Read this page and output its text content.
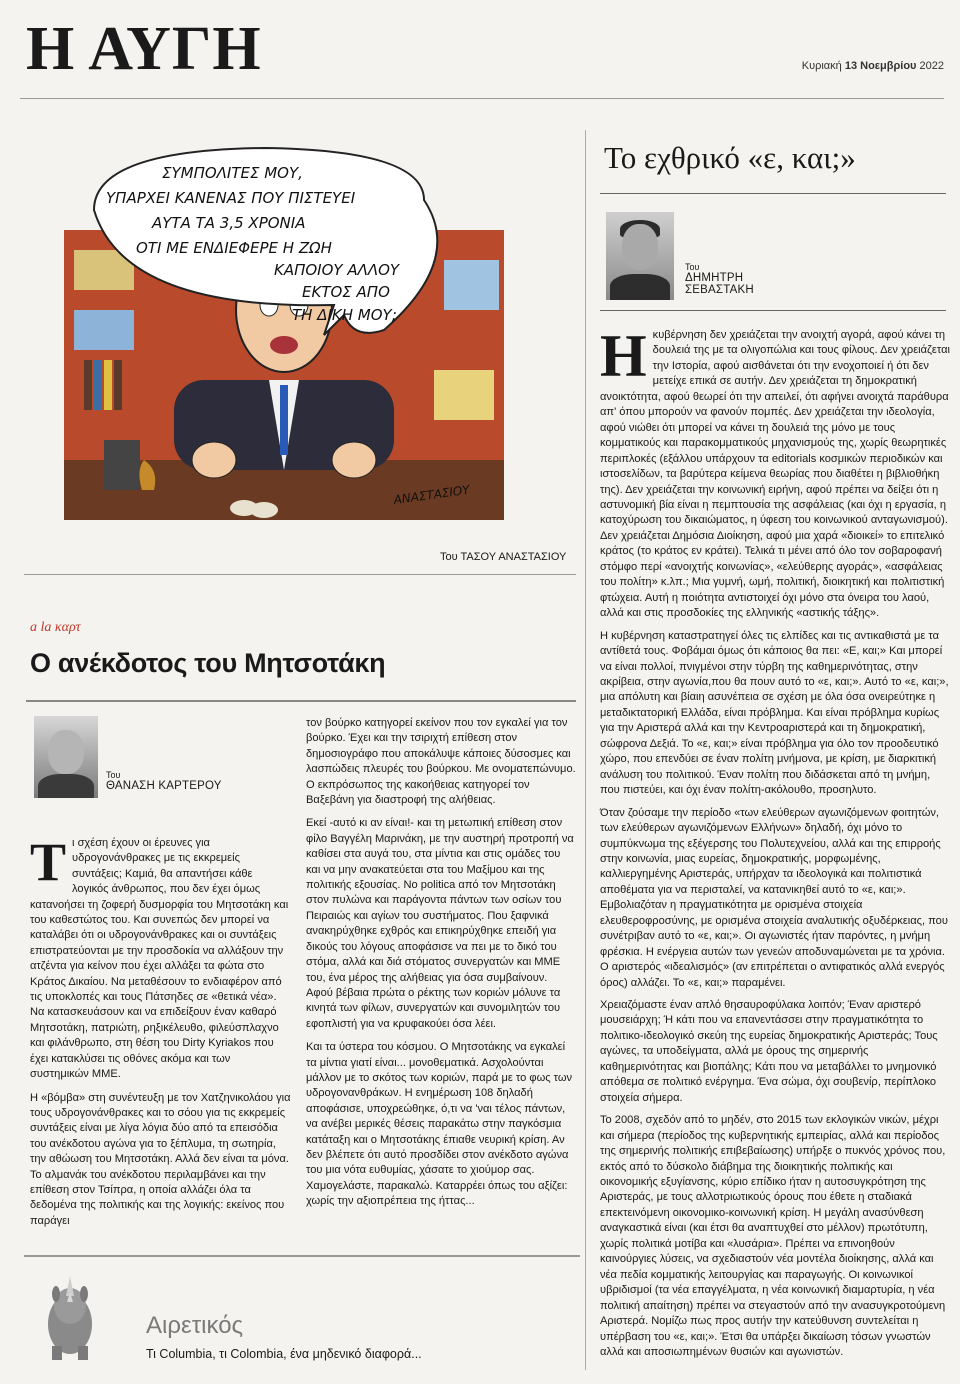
Η ΑΥΓΗ	Κυριακή 13 Νοεμβρίου 2022
ΣΥΜΠΟΛΙΤΕΣ ΜΟΥ,
ΥΠΑΡΧΕΙ ΚΑΝΕΝΑΣ ΠΟΥ ΠΙΣΤΕΥΕΙ
ΑΥΤΑ ΤΑ 3,5 ΧΡΟΝΙΑ
ΟΤΙ ΜΕ ΕΝΔΙΕΦΕΡΕ Η ΖΩΗ
ΚΑΠΟΙΟΥ ΑΛΛΟΥ
ΕΚΤΟΣ ΑΠΟ
ΤΗ ΔΙΚΗ ΜΟΥ;
ΑΝΑΣΤΑΣΙΟΥ
Του ΤΑΣΟΥ ΑΝΑΣΤΑΣΙΟΥ
a la καρτ
Ο ανέκδοτος του Μητσοτάκη
Του
ΘΑΝΑΣΗ ΚΑΡΤΕΡΟΥ

Τι σχέση έχουν οι έρευνες για υδρογονάνθρακες με τις εκκρεμείς συντάξεις; Καμιά, θα απαντήσει κάθε λογικός άνθρωπος, που δεν έχει όμως κατανοήσει τη ζοφερή δυσμορφία του Μητσοτάκη και του καθεστώτος του. Και συνεπώς δεν μπορεί να καταλάβει ότι οι υδρογονάνθρακες και οι συντάξεις επιστρατεύονται με την προσδοκία να αλλάξουν την ατζέντα για κείνον που έχει αλλάξει τα φώτα στο Κράτος Δικαίου. Να μεταθέσουν το ενδιαφέρον από τις υποκλοπές και τους Πάτσηδες σε «θετικά νέα». Να κατασκευάσουν και να επιδείξουν έναν καθαρό Μητσοτάκη, πατριώτη, ρηξικέλευθο, φιλεύσπλαχνο και φιλάνθρωπο, στη θέση του Dirty Kyriakos που έχει κατακλύσει τις οθόνες ακόμα και των συστημικών ΜΜΕ.

Η «βόμβα» στη συνέντευξη με τον Χατζηνικολάου για τους υδρογονάνθρακες και το σόου για τις εκκρεμείς συντάξεις είναι με λίγα λόγια δύο από τα επεισόδια του ανέκδοτου αγώνα για το ξέπλυμα, τη σωτηρία, την αθώωση του Μητσοτάκη. Αλλά δεν είναι τα μόνα. Το αλμανάκ του ανέκδοτου περιλαμβάνει και την επίθεση στον Τσίπρα, η οποία αλλάζει όλα τα δεδομένα της πολιτικής και της λογικής: εκείνος που παράγει

τον βούρκο κατηγορεί εκείνον που τον εγκαλεί για τον βούρκο. Έχει και την τσιριχτή επίθεση στον δημοσιογράφο που αποκάλυψε κάποιες δύσοσμες και λασπώδεις πλευρές του βούρκου. Με ονοματεπώνυμο. Ο εκπρόσωπος της κακοήθειας κατηγορεί τον Βαξεβάνη για διαστροφή της αλήθειας.

Εκεί -αυτό κι αν είναι!- και τη μετωπική επίθεση στον φίλο Βαγγέλη Μαρινάκη, με την αυστηρή προτροπή να καθίσει στα αυγά του, στα μίντια και στις ομάδες του και να μην ανακατεύεται στα του Μαξίμου και της πολιτικής εξουσίας. No politica από τον Μητσοτάκη στον πυλώνα και παράγοντα πάντων των οσίων του Πειραιώς και αγίων του συστήματος. Που ξαφνικά ανακηρύχθηκε εχθρός και επικηρύχθηκε επειδή για δικούς του λόγους αποφάσισε να πει με το δικό του στόμα, αλλά και διά στόματος συνεργατών και ΜΜΕ του, ένα μέρος της αλήθειας για όσα συμβαίνουν. Αφού βέβαια πρώτα ο ρέκτης των κοριών μόλυνε τα κινητά των φίλων, συνεργατών και συνομιλητών του εφοπλιστή για να κρυφακούει όσα λέει.

Και τα ύστερα του κόσμου. Ο Μητσοτάκης να εγκαλεί τα μίντια γιατί είναι... μονοθεματικά. Ασχολούνται μάλλον με το σκότος των κοριών, παρά με το φως των υδρογονανθράκων. Η ενημέρωση 108 δηλαδή αποφάσισε, υποχρεώθηκε, ό,τι να 'ναι τέλος πάντων, να ανέβει μερικές θέσεις παρακάτω στην παγκόσμια κατάταξη και ο Μητσοτάκης έπιαθε νευρική κρίση. Αν δεν βλέπετε ότι αυτό προσδίδει στον ανέκδοτο αγώνα του μια νότα ευθυμίας, χάσατε το χιούμορ σας. Χαμογελάστε, παρακαλώ. Καταρρέει όπως του αξίζει: χωρίς την αξιοπρέπεια της ήττας...

Αιρετικός
Τι Columbia, τι Colombia, ένα μηδενικό διαφορά...
Το εχθρικό «ε, και;»
Του
ΔΗΜΗΤΡΗ
ΣΕΒΑΣΤΑΚΗ

Η κυβέρνηση δεν χρειάζεται την ανοιχτή αγορά, αφού κάνει τη δουλειά της με τα ολιγοπώλια και τους φίλους. Δεν χρειάζεται την Ιστορία, αφού αισθάνεται ότι την ενοχοποιεί ή ότι δεν μετείχε επικά σε αυτήν. Δεν χρειάζεται τη δημοκρατική ανοικτότητα, αφού θεωρεί ότι την απειλεί, ότι αφήνει ανοιχτά παράθυρα απ' όπου μπορούν να φανούν πομπές. Δεν χρειάζεται την ιδεολογία, αφού νιώθει ότι μπορεί να κάνει τη δουλειά της μόνο με τους κομματικούς και παρακομματικούς μηχανισμούς της, χωρίς θεωρητικές περιπλοκές (εξάλλου υπάρχουν τα editorials κοσμικών περιοδικών και ιστοσελίδων, τα βαρύτερα κείμενα θεωρίας που διαθέτει η βιβλιοθήκη της). Δεν χρειάζεται την κοινωνική ειρήνη, αφού πρέπει να δείξει ότι η αστυνομική βία είναι η πεμπτουσία της ασφάλειας (και όχι η εργασία, η κατοχύρωση του δικαιώματος, η ύφεση του κοινωνικού ανταγωνισμού). Δεν χρειάζεται Δημόσια Διοίκηση, αφού μια χαρά «διοικεί» το επιτελικό κράτος (το κράτος εν κράτει). Τελικά τι μένει από όλο τον σοβαροφανή στόμφο περί «ανοιχτής κοινωνίας», «ελεύθερης αγοράς», «ασφάλειας του πολίτη» κ.λπ.; Μια γυμνή, ωμή, πολιτική, διοικητική και πολιτιστική φτώχεια. Αυτή η ποιότητα αντιστοιχεί όχι μόνο στα όνειρα του λαού, αλλά και στις προσδοκίες της ελληνικής «αστικής τάξης».

Η κυβέρνηση καταστρατηγεί όλες τις ελπίδες και τις αντικαθιστά με τα αντίθετά τους. Φοβάμαι όμως ότι κάποιος θα πει: «Ε, και;» Και μπορεί να είναι πολλοί, πνιγμένοι στην τύρβη της καθημερινότητας, στην ακρίβεια, στην αγωνία,που θα πουν αυτό το «ε, και;». Αυτό το «ε, και;», μια απόλυτη και βίαιη ασυνέπεια σε σχέση με όλα όσα ονειρεύτηκε η μεταδικτατορική Ελλάδα, είναι πρόβλημα. Και είναι πρόβλημα κυρίως για την Αριστερά αλλά και την Κεντροαριστερά και τη δημοκρατική, σώφρονα Δεξιά. Το «ε, και;» είναι πρόβλημα για όλο τον προοδευτικό χώρο, που επενδύει σε έναν πολίτη μνήμονα, με κρίση, με διαρκιτική ανάλυση του πολιτικού. Έναν πολίτη που διδάσκεται από τη μνήμη, που πιστεύει, και όχι έναν πολίτη-ακόλουθο, προσηλυτο.

Όταν ζούσαμε την περίοδο «των ελεύθερων αγωνιζόμενων φοιτητών, των ελεύθερων αγωνιζόμενων Ελλήνων» δηλαδή, όχι μόνο το συμπύκνωμα της εξέγερσης του Πολυτεχνείου, αλλά και της επιρροής στην κοινωνία, μιας ευρείας, δημοκρατικής, μορφωμένης, καλλιεργημένης Αριστεράς, υπήρχαν τα ιδεολογικά και πολιτιστικά αποθέματα για να περισταλεί, να κατανικηθεί αυτό το «ε, και;». Εμβολιαζόταν η πραγματικότητα με ορισμένα στοιχεία ελευθεροφροσύνης, με ορισμένα στοιχεία αναλυτικής οξυδέρκειας, που συνέτριβαν αυτό το «ε, και;». Οι αγωνιστές ήταν παρόντες, η μνήμη φρέσκια. Η ενέργεια αυτών των γενεών αποδυναμώνεται με τα χρόνια. Ο αριστερός «ιδεαλισμός» (αν επιτρέπεται ο αντιφατικός αλλά ενεργός όρος) αλλάζει. Το «ε, και;» παραμένει.

Χρειαζόμαστε έναν απλό θησαυροφύλακα λοιπόν; Έναν αριστερό μουσειάρχη; Ή κάτι που να επανεντάσσει στην πραγματικότητα το πολιτικο-ιδεολογικό σκεύη της ευρείας δημοκρατικής Αριστεράς; Τους αγώνες, τα υποδείγματα, αλλά με όρους της σημερινής καθημερινότητας και βιοπάλης; Κάτι που να μεταβάλλει το μνημονικό απόθεμα σε πολιτικό ενέργημα. Ένα σώμα, όχι σουβενίρ, περίπλοκο στοιχεία σήμερα.

Το 2008, σχεδόν από το μηδέν, στο 2015 των εκλογικών νικών, μέχρι και σήμερα (περίοδος της κυβερνητικής εμπειρίας, αλλά και περίοδος της σημερινής πολιτικής επιβεβαίωσης) υπήρξε ο πυκνός χρόνος που, εκτός από το δύσκολο διάβημα της διοικητικής πολιτικής και οικονομικής εξυγίανσης, κύριο επίδικο ήταν η αυτοσυγκρότηση της Αριστεράς, με τους αλλοτριωτικούς όρους που έθετε η σταδιακά επεκτεινόμενη οικονομικο-κοινωνική κρίση. Η μεγάλη ανασύνθεση αναγκαστικά είναι (και έτσι θα αναπτυχθεί στο μέλλον) πρωτότυπη, χωρίς πολιτικά μοτίβα και «λυσάρια». Πρέπει να επινοηθούν καινούργιες λύσεις, να σχεδιαστούν νέα μοντέλα διοίκησης, αλλά και νέα πεδία κομματικής λειτουργίας και παραγωγής. Οι κοινωνικοί υβριδισμοί (τα νέα επαγγέλματα, η νέα κοινωνική διαμαρτυρία, η νέα πολιτική απαίτηση) πρέπει να στεγαστούν από την ανασυγκροτούμενη Αριστερά. Νομίζω πως προς αυτήν την κατεύθυνση συντελείται η υπέρβαση του «ε, και;». Έτσι θα υπάρξει δικαίωση τόσων γνωστών αλλά και αποσιωπημένων θυσιών και αγωνιστών.
